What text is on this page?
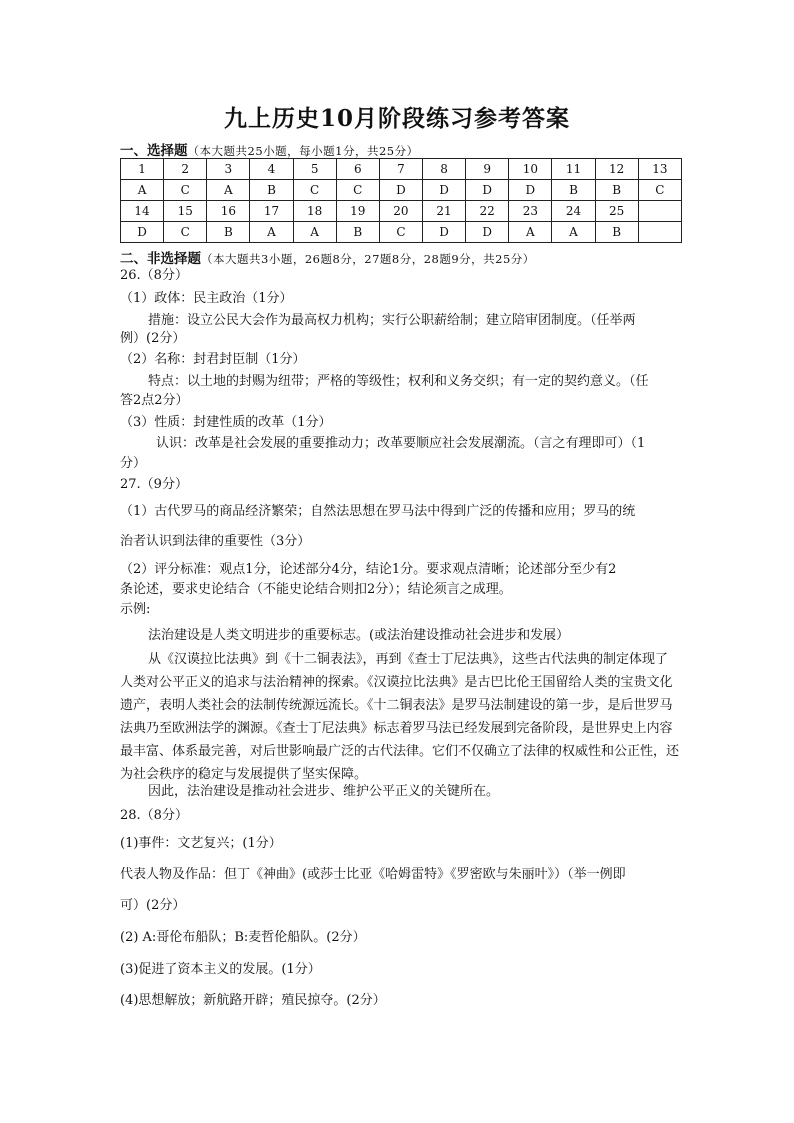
九上历史10月阶段练习参考答案
一、选择题（本大题共25小题，每小题1分，共25分）
1	2	3	4	5	6	7	8	9	10	11	12	13
A	C	A	B	C	C	D	D	D	D	B	B	C
14	15	16	17	18	19	20	21	22	23	24	25	
D	C	B	A	A	B	C	D	D	A	A	B	
二、非选择题（本大题共3小题，26题8分，27题8分，28题9分，共25分）
26.（8分）
（1）政体：民主政治（1分）
措施：设立公民大会作为最高权力机构；实行公职薪给制；建立陪审团制度。（任举两
例）(2分）
（2）名称：封君封臣制（1分）
特点：以土地的封赐为纽带；严格的等级性；权利和义务交织；有一定的契约意义。（任
答2点2分）
（3）性质：封建性质的改革（1分）
认识：改革是社会发展的重要推动力；改革要顺应社会发展潮流。（言之有理即可）（1
分）
27.（9分）
（1）古代罗马的商品经济繁荣；自然法思想在罗马法中得到广泛的传播和应用；罗马的统
治者认识到法律的重要性（3分）
（2）评分标准：观点1分，论述部分4分，结论1分。要求观点清晰；论述部分至少有2
条论述，要求史论结合（不能史论结合则扣2分）；结论须言之成理。
示例:
法治建设是人类文明进步的重要标志。(或法治建设推动社会进步和发展）
从《汉谟拉比法典》到《十二铜表法》，再到《查士丁尼法典》，这些古代法典的制定体现了人类对公平正义的追求与法治精神的探索。《汉谟拉比法典》是古巴比伦王国留给人类的宝贵文化遗产，表明人类社会的法制传统源远流长。《十二铜表法》是罗马法制建设的第一步，是后世罗马法典乃至欧洲法学的渊源。《查士丁尼法典》标志着罗马法已经发展到完备阶段，是世界史上内容最丰富、体系最完善，对后世影响最广泛的古代法律。它们不仅确立了法律的权威性和公正性，还为社会秩序的稳定与发展提供了坚实保障。
因此，法治建设是推动社会进步、维护公平正义的关键所在。
28.（8分）
(1)事件：文艺复兴；(1分）
代表人物及作品：但丁《神曲》(或莎士比亚《哈姆雷特》《罗密欧与朱丽叶》）（举一例即
可）(2分）
(2) A:哥伦布船队；B:麦哲伦船队。(2分）
(3)促进了资本主义的发展。(1分）
(4)思想解放；新航路开辟；殖民掠夺。(2分）
